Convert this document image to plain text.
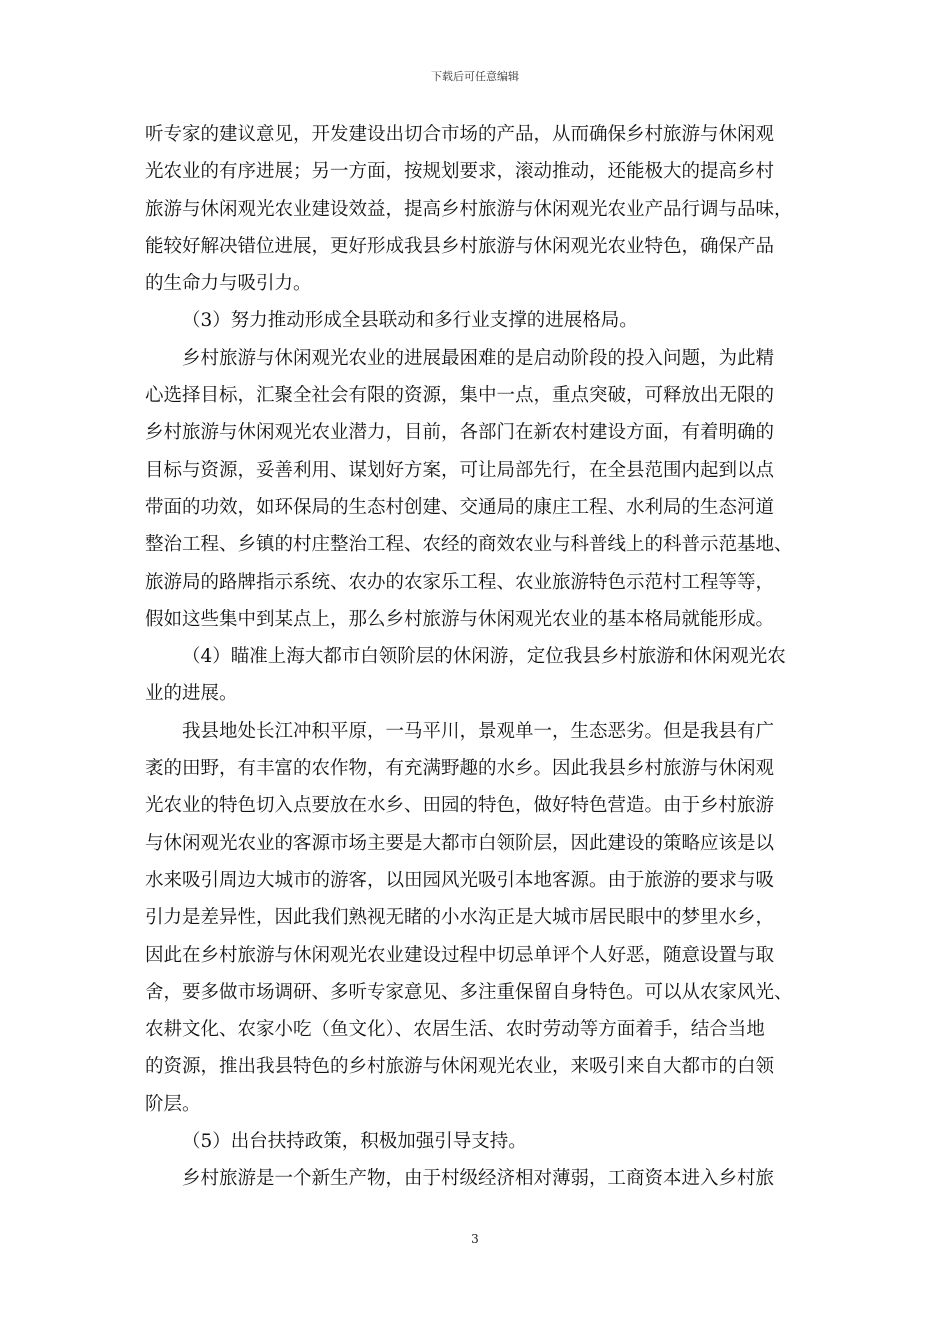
下载后可任意编辑
听专家的建议意见，开发建设出切合市场的产品，从而确保乡村旅游与休闲观
光农业的有序进展；另一方面，按规划要求，滚动推动，还能极大的提高乡村
旅游与休闲观光农业建设效益，提高乡村旅游与休闲观光农业产品行调与品味，
能较好解决错位进展，更好形成我县乡村旅游与休闲观光农业特色，确保产品
的生命力与吸引力。
（3）努力推动形成全县联动和多行业支撑的进展格局。
乡村旅游与休闲观光农业的进展最困难的是启动阶段的投入问题，为此精
心选择目标，汇聚全社会有限的资源，集中一点，重点突破，可释放出无限的
乡村旅游与休闲观光农业潜力，目前，各部门在新农村建设方面，有着明确的
目标与资源，妥善利用、谋划好方案，可让局部先行，在全县范围内起到以点
带面的功效，如环保局的生态村创建、交通局的康庄工程、水利局的生态河道
整治工程、乡镇的村庄整治工程、农经的商效农业与科普线上的科普示范基地、
旅游局的路牌指示系统、农办的农家乐工程、农业旅游特色示范村工程等等，
假如这些集中到某点上，那么乡村旅游与休闲观光农业的基本格局就能形成。
（4）瞄准上海大都市白领阶层的休闲游，定位我县乡村旅游和休闲观光农
业的进展。
我县地处长江冲积平原，一马平川，景观单一，生态恶劣。但是我县有广
袤的田野，有丰富的农作物，有充满野趣的水乡。因此我县乡村旅游与休闲观
光农业的特色切入点要放在水乡、田园的特色，做好特色营造。由于乡村旅游
与休闲观光农业的客源市场主要是大都市白领阶层，因此建设的策略应该是以
水来吸引周边大城市的游客，以田园风光吸引本地客源。由于旅游的要求与吸
引力是差异性，因此我们熟视无睹的小水沟正是大城市居民眼中的梦里水乡，
因此在乡村旅游与休闲观光农业建设过程中切忌单评个人好恶，随意设置与取
舍，要多做市场调研、多听专家意见、多注重保留自身特色。可以从农家风光、
农耕文化、农家小吃（鱼文化）、农居生活、农时劳动等方面着手，结合当地
的资源，推出我县特色的乡村旅游与休闲观光农业，来吸引来自大都市的白领
阶层。
（5）出台扶持政策，积极加强引导支持。
乡村旅游是一个新生产物，由于村级经济相对薄弱，工商资本进入乡村旅
3
